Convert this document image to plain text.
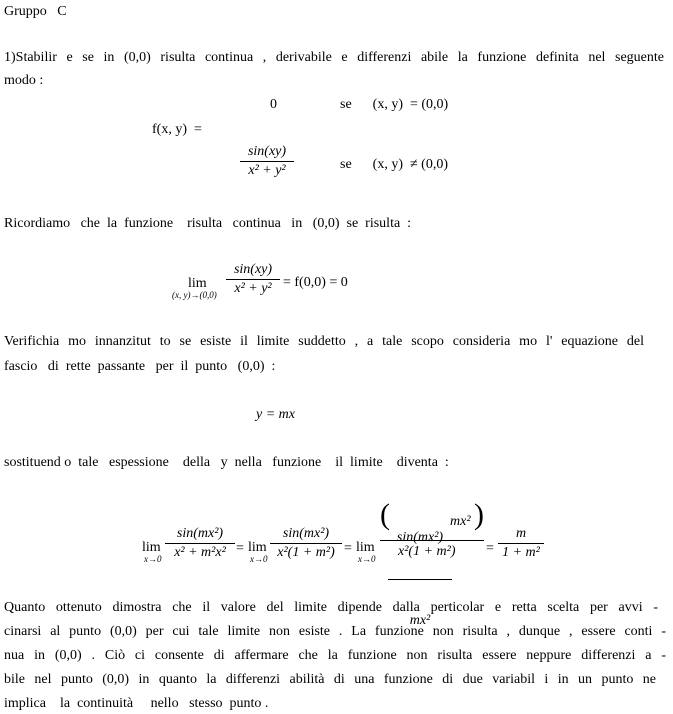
Gruppo   C
1)Stabilir e se in (0,0) risulta continua , derivabile e differenzi abile la funzione definita nel seguente
modo :
0	se      (x, y)  = (0,0)
f(x, y)  =
sin(xy)
x² + y²	se      (x, y)  ≠ (0,0)
Ricordiamo   che  la  funzione    risulta   continua   in   (0,0)  se  risulta  :
lim
(x, y)→(0,0)
sin(xy)
x² + y² = f(0,0) = 0
Verifichia mo innanzitut to se esiste il limite suddetto , a tale scopo consideria mo l' equazione del
fascio   di  rette  passante   per  il  punto   (0,0)  :
y = mx
sostituend o  tale   espessione    della   y  nella   funzione    il  limite    diventa  :
lim
x→0
sin(mx²)
x² + m²x² = lim
x→0
sin(mx²)
x²(1 + m²) = lim
x→0

(

sin(mx²)

mx²

mx²

)

x²(1 + m²) =
m
1 + m²
Quanto ottenuto dimostra che il valore del limite dipende dalla perticolar e retta scelta per avvi -
cinarsi al punto (0,0) per cui tale limite non esiste . La funzione non risulta , dunque , essere conti -
nua in (0,0) . Ciò ci consente di affermare che la funzione non risulta essere neppure differenzi a -
bile nel punto (0,0) in quanto la differenzi abilità di una funzione di due variabil i in un punto ne
implica    la  continuità     nello   stesso  punto .
